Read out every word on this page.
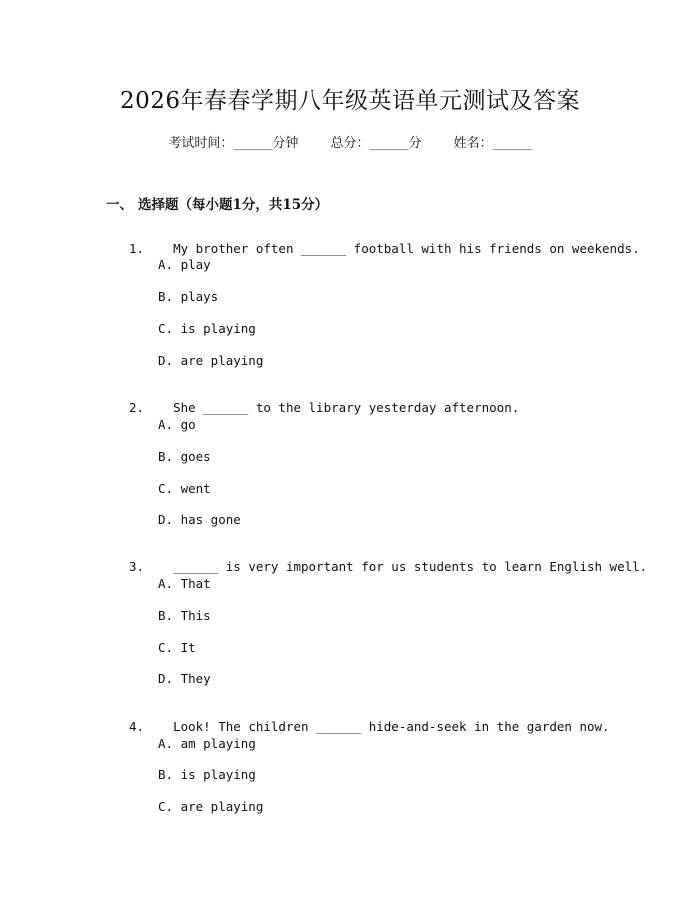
2026年春春学期八年级英语单元测试及答案
考试时间：______分钟 总分：______分 姓名：______
一、 选择题（每小题1分，共15分）

1. My brother often ______ football with his friends on weekends.

A. play
B. plays
C. is playing
D. are playing

2. She ______ to the library yesterday afternoon.

A. go
B. goes
C. went
D. has gone

3. ______ is very important for us students to learn English well.

A. That
B. This
C. It
D. They

4. Look! The children ______ hide-and-seek in the garden now.

A. am playing
B. is playing
C. are playing
